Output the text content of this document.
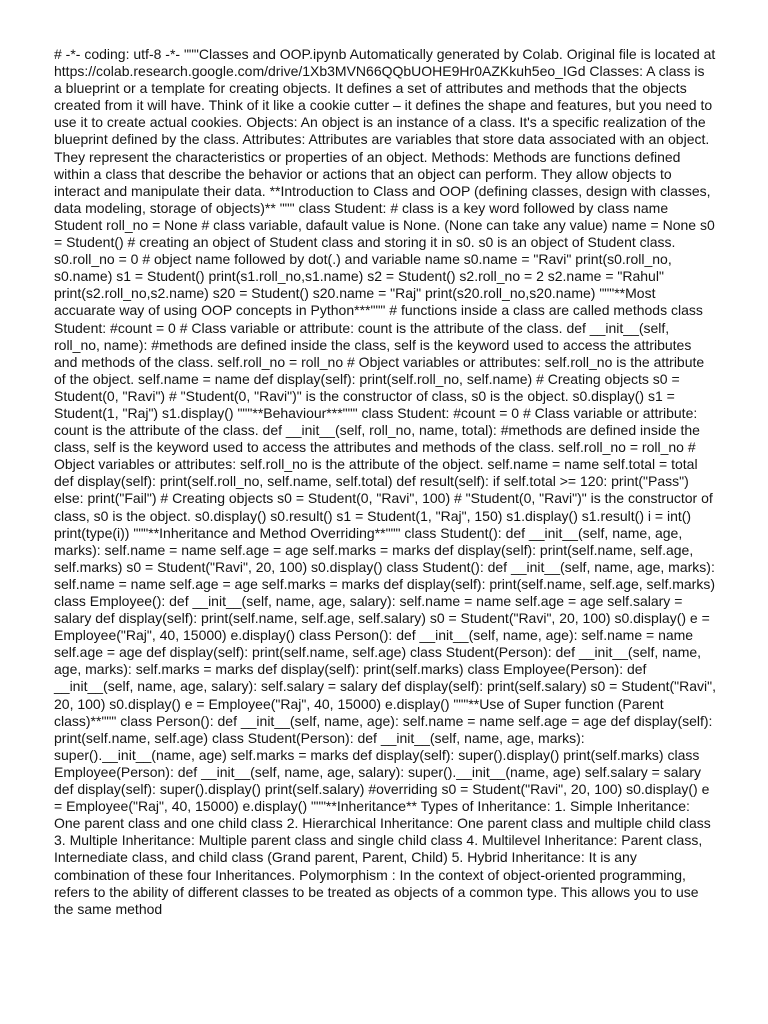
# -*- coding: utf-8 -*- """Classes and OOP.ipynb Automatically generated by Colab. Original file is located at https://colab.research.google.com/drive/1Xb3MVN66QQbUOHE9Hr0AZKkuh5eo_IGd Classes: A class is a blueprint or a template for creating objects. It defines a set of attributes and methods that the objects created from it will have. Think of it like a cookie cutter – it defines the shape and features, but you need to use it to create actual cookies. Objects: An object is an instance of a class. It's a specific realization of the blueprint defined by the class. Attributes: Attributes are variables that store data associated with an object. They represent the characteristics or properties of an object. Methods: Methods are functions defined within a class that describe the behavior or actions that an object can perform. They allow objects to interact and manipulate their data. **Introduction to Class and OOP (defining classes, design with classes, data modeling, storage of objects)** """ class Student: # class is a key word followed by class name Student roll_no = None # class variable, dafault value is None. (None can take any value) name = None s0 = Student() # creating an object of Student class and storing it in s0. s0 is an object of Student class. s0.roll_no = 0 # object name followed by dot(.) and variable name s0.name = "Ravi" print(s0.roll_no, s0.name) s1 = Student() print(s1.roll_no,s1.name) s2 = Student() s2.roll_no = 2 s2.name = "Rahul" print(s2.roll_no,s2.name) s20 = Student() s20.name = "Raj" print(s20.roll_no,s20.name) """**Most accuarate way of using OOP concepts in Python***""" # functions inside a class are called methods class Student: #count = 0 # Class variable or attribute: count is the attribute of the class. def __init__(self, roll_no, name): #methods are defined inside the class, self is the keyword used to access the attributes and methods of the class. self.roll_no = roll_no # Object variables or attributes: self.roll_no is the attribute of the object. self.name = name def display(self): print(self.roll_no, self.name) # Creating objects s0 = Student(0, "Ravi") # "Student(0, "Ravi")" is the constructor of class, s0 is the object. s0.display() s1 = Student(1, "Raj") s1.display() """**Behaviour***""" class Student: #count = 0 # Class variable or attribute: count is the attribute of the class. def __init__(self, roll_no, name, total): #methods are defined inside the class, self is the keyword used to access the attributes and methods of the class. self.roll_no = roll_no # Object variables or attributes: self.roll_no is the attribute of the object. self.name = name self.total = total def display(self): print(self.roll_no, self.name, self.total) def result(self): if self.total >= 120: print("Pass") else: print("Fail") # Creating objects s0 = Student(0, "Ravi", 100) # "Student(0, "Ravi")" is the constructor of class, s0 is the object. s0.display() s0.result() s1 = Student(1, "Raj", 150) s1.display() s1.result() i = int() print(type(i)) """**Inheritance and Method Overriding**""" class Student(): def __init__(self, name, age, marks): self.name = name self.age = age self.marks = marks def display(self): print(self.name, self.age, self.marks) s0 = Student("Ravi", 20, 100) s0.display() class Student(): def __init__(self, name, age, marks): self.name = name self.age = age self.marks = marks def display(self): print(self.name, self.age, self.marks) class Employee(): def __init__(self, name, age, salary): self.name = name self.age = age self.salary = salary def display(self): print(self.name, self.age, self.salary) s0 = Student("Ravi", 20, 100) s0.display() e = Employee("Raj", 40, 15000) e.display() class Person(): def __init__(self, name, age): self.name = name self.age = age def display(self): print(self.name, self.age) class Student(Person): def __init__(self, name, age, marks): self.marks = marks def display(self): print(self.marks) class Employee(Person): def __init__(self, name, age, salary): self.salary = salary def display(self): print(self.salary) s0 = Student("Ravi", 20, 100) s0.display() e = Employee("Raj", 40, 15000) e.display() """**Use of Super function (Parent class)**""" class Person(): def __init__(self, name, age): self.name = name self.age = age def display(self): print(self.name, self.age) class Student(Person): def __init__(self, name, age, marks): super().__init__(name, age) self.marks = marks def display(self): super().display() print(self.marks) class Employee(Person): def __init__(self, name, age, salary): super().__init__(name, age) self.salary = salary def display(self): super().display() print(self.salary) #overriding s0 = Student("Ravi", 20, 100) s0.display() e = Employee("Raj", 40, 15000) e.display() """**Inheritance** Types of Inheritance: 1. Simple Inheritance: One parent class and one child class 2. Hierarchical Inheritance: One parent class and multiple child class 3. Multiple Inheritance: Multiple parent class and single child class 4. Multilevel Inheritance: Parent class, Internediate class, and child class (Grand parent, Parent, Child) 5. Hybrid Inheritance: It is any combination of these four Inheritances. Polymorphism : In the context of object-oriented programming, refers to the ability of different classes to be treated as objects of a common type. This allows you to use the same method
